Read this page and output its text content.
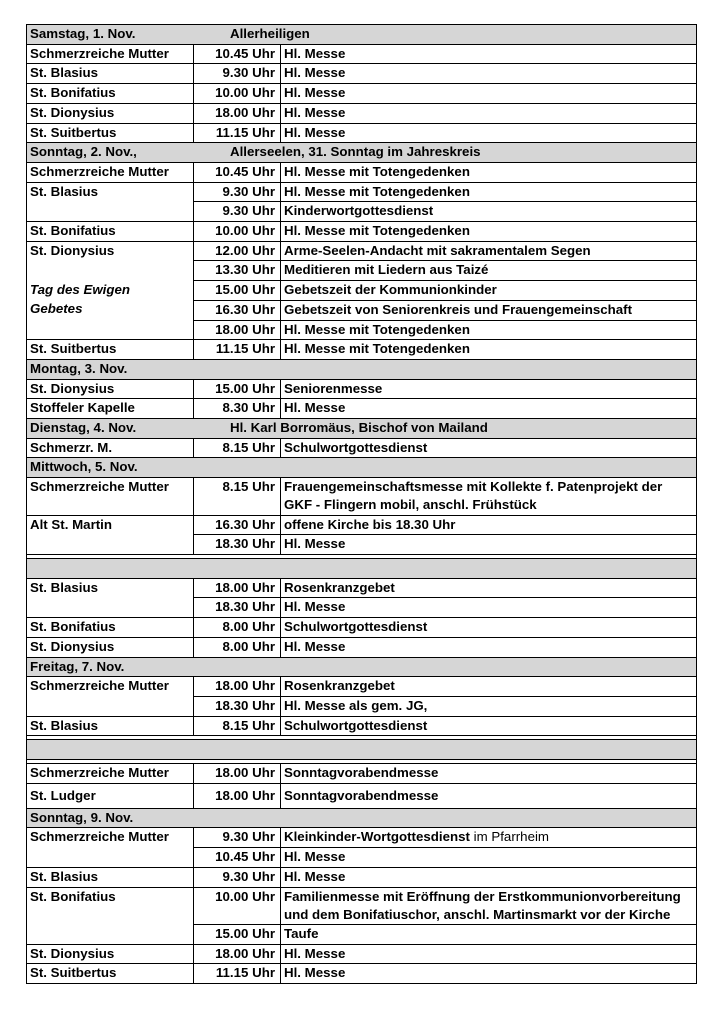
Samstag, 1. Nov. Allerheiligen		
Schmerzreiche Mutter	10.45 Uhr	Hl. Messe
St. Blasius	9.30 Uhr	Hl. Messe
St. Bonifatius	10.00 Uhr	Hl. Messe
St. Dionysius	18.00 Uhr	Hl. Messe
St. Suitbertus	11.15 Uhr	Hl. Messe
Sonntag, 2. Nov., Allerseelen, 31. Sonntag im Jahreskreis		
Schmerzreiche Mutter	10.45 Uhr	Hl. Messe mit Totengedenken
St. Blasius	9.30 Uhr	Hl. Messe mit Totengedenken
	9.30 Uhr	Kinderwortgottesdienst
St. Bonifatius	10.00 Uhr	Hl. Messe mit Totengedenken
St. Dionysius	12.00 Uhr	Arme-Seelen-Andacht mit sakramentalem Segen
	13.30 Uhr	Meditieren mit Liedern aus Taizé
Tag des Ewigen	15.00 Uhr	Gebetszeit der Kommunionkinder
Gebetes	16.30 Uhr	Gebetszeit von Seniorenkreis und Frauengemeinschaft
	18.00 Uhr	Hl. Messe mit Totengedenken
St. Suitbertus	11.15 Uhr	Hl. Messe mit Totengedenken
Montag, 3. Nov.		
St. Dionysius	15.00 Uhr	Seniorenmesse
Stoffeler Kapelle	8.30 Uhr	Hl. Messe
Dienstag, 4. Nov. Hl. Karl Borromäus, Bischof von Mailand		
Schmerzr. M.	8.15 Uhr	Schulwortgottesdienst
Mittwoch, 5. Nov.		
Schmerzreiche Mutter	8.15 Uhr	Frauengemeinschaftsmesse mit Kollekte f. Patenprojekt der GKF - Flingern mobil, anschl. Frühstück
Alt St. Martin	16.30 Uhr	offene Kirche bis 18.30 Uhr
	18.30 Uhr	Hl. Messe

St. Blasius	18.00 Uhr	Rosenkranzgebet
	18.30 Uhr	Hl. Messe
St. Bonifatius	8.00 Uhr	Schulwortgottesdienst
St. Dionysius	8.00 Uhr	Hl. Messe
Freitag, 7. Nov.		
Schmerzreiche Mutter	18.00 Uhr	Rosenkranzgebet
	18.30 Uhr	Hl. Messe als gem. JG,
St. Blasius	8.15 Uhr	Schulwortgottesdienst

Schmerzreiche Mutter	18.00 Uhr	Sonntagvorabendmesse
St. Ludger	18.00 Uhr	Sonntagvorabendmesse
Sonntag, 9. Nov.		
Schmerzreiche Mutter	9.30 Uhr	Kleinkinder-Wortgottesdienst im Pfarrheim
	10.45 Uhr	Hl. Messe
St. Blasius	9.30 Uhr	Hl. Messe
St. Bonifatius	10.00 Uhr	Familienmesse mit Eröffnung der Erstkommunionvorbereitung und dem Bonifatiuschor, anschl. Martinsmarkt vor der Kirche
	15.00 Uhr	Taufe
St. Dionysius	18.00 Uhr	Hl. Messe
St. Suitbertus	11.15 Uhr	Hl. Messe
